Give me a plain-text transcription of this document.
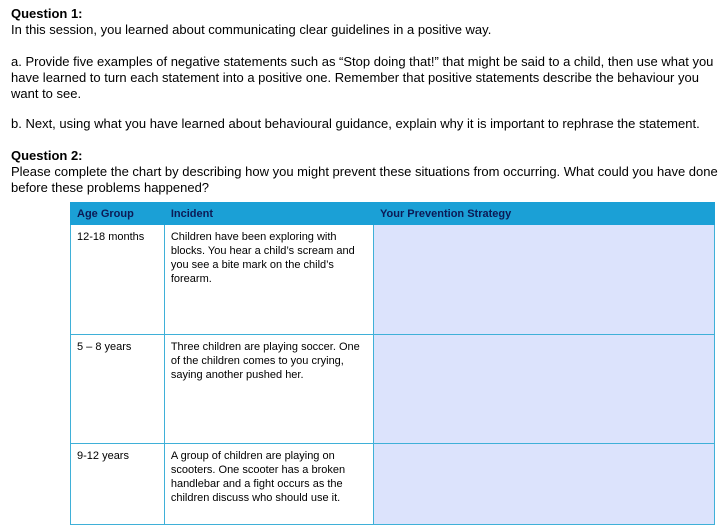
Question 1:

In this session, you learned about communicating clear guidelines in a positive way.

a. Provide five examples of negative statements such as “Stop doing that!” that might be said to a child, then use what you have learned to turn each statement into a positive one. Remember that positive statements describe the behaviour you want to see.

b. Next, using what you have learned about behavioural guidance, explain why it is important to rephrase the statement.

Question 2:

Please complete the chart by describing how you might prevent these situations from occurring. What could you have done before these problems happened?

Age Group	Incident	Your Prevention Strategy
12-18 months	Children have been exploring with blocks. You hear a child’s scream and you see a bite mark on the child’s forearm.	
5 – 8 years	Three children are playing soccer. One of the children comes to you crying, saying another pushed her.	
9-12 years	A group of children are playing on scooters. One scooter has a broken handlebar and a fight occurs as the children discuss who should use it.	
